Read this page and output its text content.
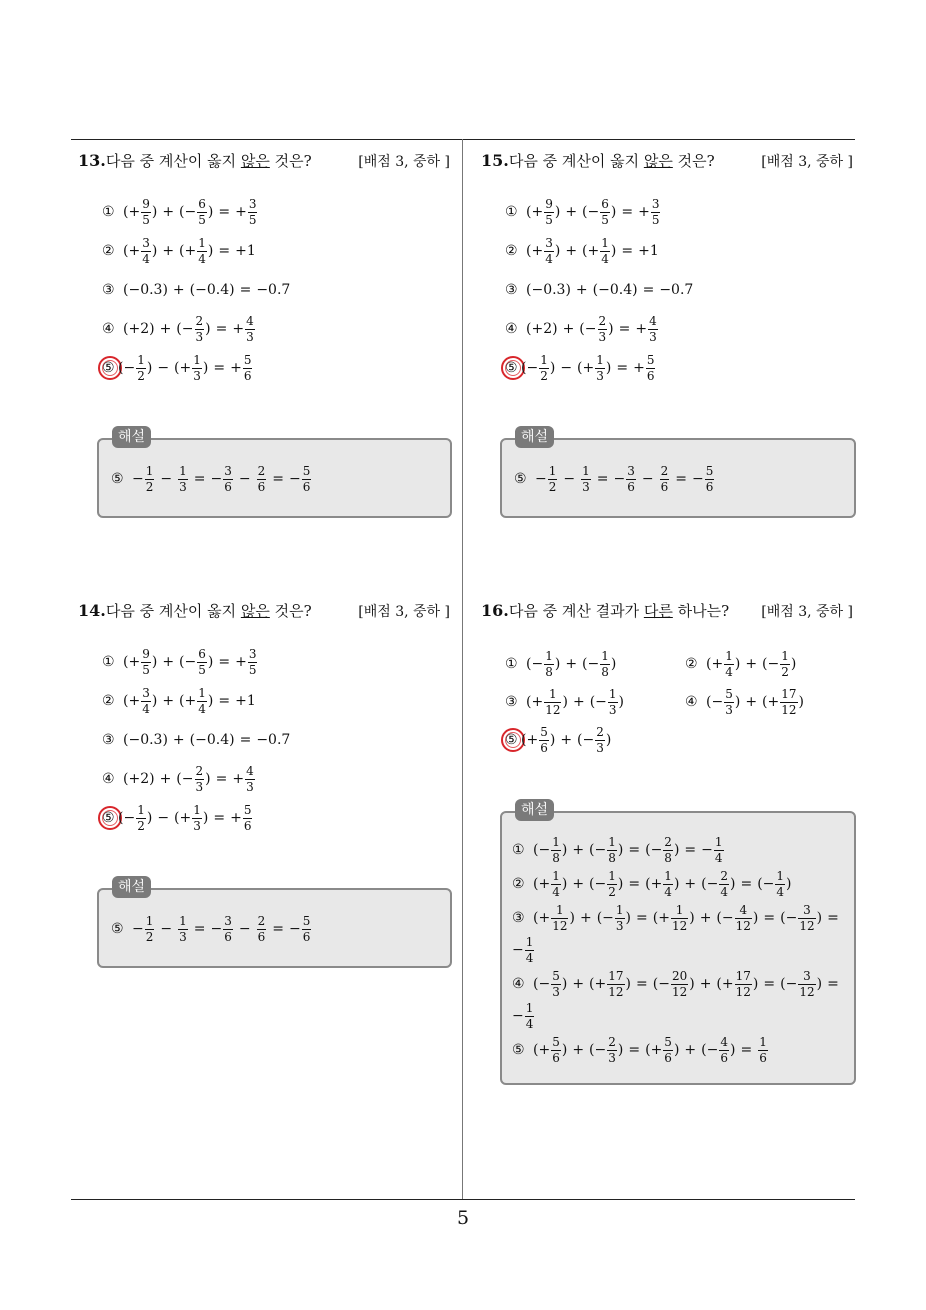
13.다음 중 계산이 옳지 않은 것은?	[배점 3, 중하 ]
① ( + $\frac{9}{5}$ ) + ( − $\frac{6}{5}$ ) = + $\frac{3}{5}$
② ( + $\frac{3}{4}$ ) + ( + $\frac{1}{4}$ ) = +1
③ (−0.3) + (−0.4) = −0.7
④ (+2) + ( − $\frac{2}{3}$ ) = + $\frac{4}{3}$
⑤ ( − $\frac{1}{2}$ ) − ( + $\frac{1}{3}$ ) = + $\frac{5}{6}$
⑤ − $\frac{1}{2} - \frac{1}{3}$ = − $\frac{3}{6} - \frac{2}{6}$ = − $\frac{5}{6}$
해설
15.다음 중 계산이 옳지 않은 것은?	[배점 3, 중하 ]
① ( + $\frac{9}{5}$ ) + ( − $\frac{6}{5}$ ) = + $\frac{3}{5}$
② ( + $\frac{3}{4}$ ) + ( + $\frac{1}{4}$ ) = +1
③ (−0.3) + (−0.4) = −0.7
④ (+2) + ( − $\frac{2}{3}$ ) = + $\frac{4}{3}$
⑤ ( − $\frac{1}{2}$ ) − ( + $\frac{1}{3}$ ) = + $\frac{5}{6}$
⑤ − $\frac{1}{2} - \frac{1}{3}$ = − $\frac{3}{6} - \frac{2}{6}$ = − $\frac{5}{6}$
해설
14.다음 중 계산이 옳지 않은 것은?	[배점 3, 중하 ]
① ( + $\frac{9}{5}$ ) + ( − $\frac{6}{5}$ ) = + $\frac{3}{5}$
② ( + $\frac{3}{4}$ ) + ( + $\frac{1}{4}$ ) = +1
③ (−0.3) + (−0.4) = −0.7
④ (+2) + ( − $\frac{2}{3}$ ) = + $\frac{4}{3}$
⑤ ( − $\frac{1}{2}$ ) − ( + $\frac{1}{3}$ ) = + $\frac{5}{6}$
⑤ − $\frac{1}{2} - \frac{1}{3}$ = − $\frac{3}{6} - \frac{2}{6}$ = − $\frac{5}{6}$
해설
16.다음 중 계산 결과가 다른 하나는? [배점 3, 중하 ]
① ( − $\frac{1}{8}$ ) + ( − $\frac{1}{8}$ )	② ( + $\frac{1}{4}$ ) + ( − $\frac{1}{2}$ )
③ ( + $\frac{1}{12}$ ) + ( − $\frac{1}{3}$ )	④ ( − $\frac{5}{3}$ ) + ( + $\frac{17}{12}$ )
⑤ ( + $\frac{5}{6}$ ) + ( − $\frac{2}{3}$ )
① ( − $\frac{1}{8}$ ) + ( − $\frac{1}{8}$ ) = ( − $\frac{2}{8}$ ) = − $\frac{1}{4}$
② ( + $\frac{1}{4}$ ) + ( − $\frac{1}{2}$ ) = ( + $\frac{1}{4}$ ) + ( − $\frac{2}{4}$ ) = ( − $\frac{1}{4}$ )
③ ( + $\frac{1}{12}$ ) + ( − $\frac{1}{3}$ ) = ( + $\frac{1}{12}$ ) + ( − $\frac{4}{12}$ ) = ( − $\frac{3}{12}$ ) =
− $\frac{1}{4}$
④ ( − $\frac{5}{3}$ ) + ( + $\frac{17}{12}$ ) = ( − $\frac{20}{12}$ ) + ( + $\frac{17}{12}$ ) = ( − $\frac{3}{12}$ ) =
− $\frac{1}{4}$
⑤ ( + $\frac{5}{6}$ ) + ( − $\frac{2}{3}$ ) = ( + $\frac{5}{6}$ ) + ( − $\frac{4}{6}$ ) = $\frac{1}{6}$
해설
5
